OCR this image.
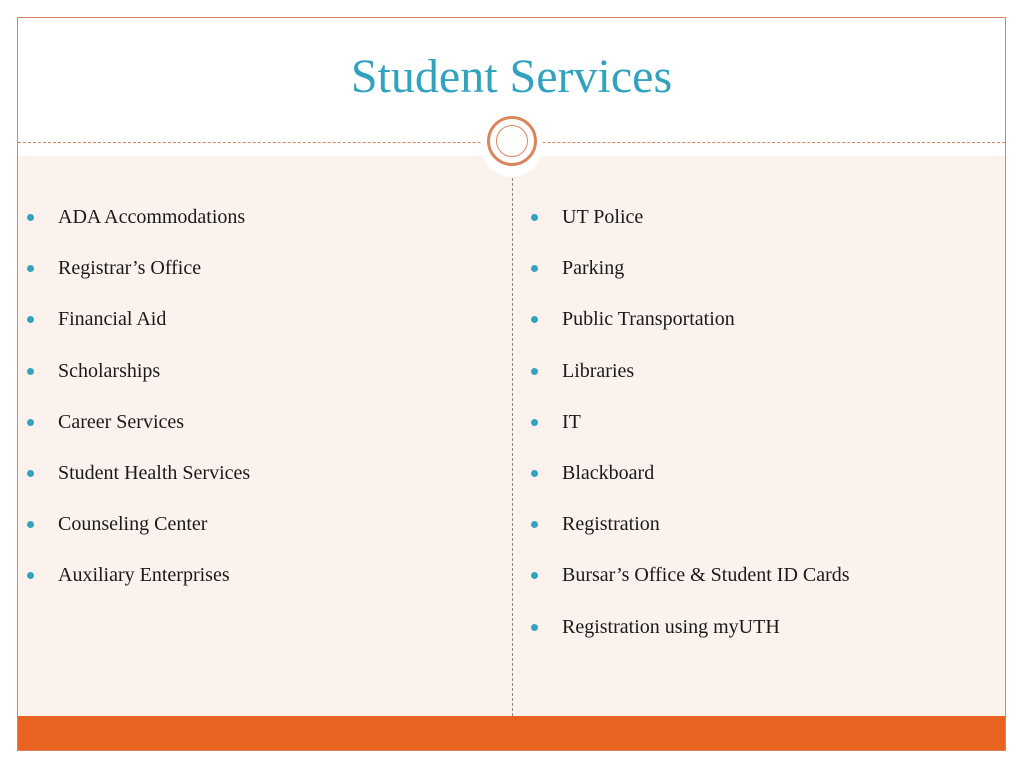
Student Services
ADA Accommodations
Registrar’s Office
Financial Aid
Scholarships
Career Services
Student Health Services
Counseling Center
Auxiliary Enterprises
UT Police
Parking
Public Transportation
Libraries
IT
Blackboard
Registration
Bursar’s Office & Student ID Cards
Registration using myUTH
